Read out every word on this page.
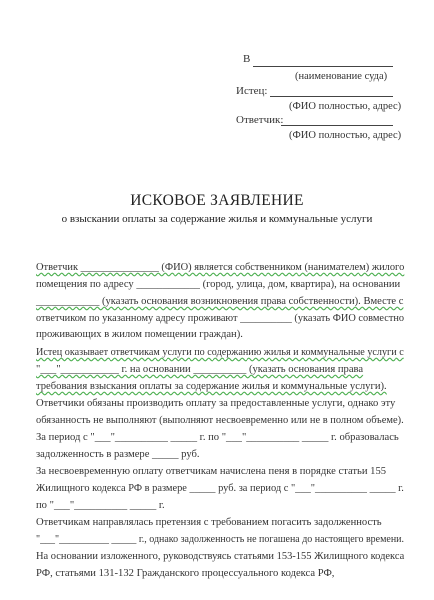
В
(наименование суда)
Истец:
(ФИО полностью, адрес)
Ответчик:
(ФИО полностью, адрес)
ИСКОВОЕ ЗАЯВЛЕНИЕ
о взыскании оплаты за содержание жилья и коммунальные услуги
Ответчик _______________ (ФИО) является собственником (нанимателем) жилого
помещения по адресу ____________ (город, улица, дом, квартира), на основании
____________ (указать основания возникновения права собственности). Вместе с
ответчиком по указанному адресу проживают __________ (указать ФИО совместно
проживающих в жилом помещении граждан).
Истец оказывает ответчикам услуги по содержанию жилья и коммунальные услуги с
"___"___________ г. на основании __________ (указать основания права
требования взыскания оплаты за содержание жилья и коммунальные услуги).
Ответчики обязаны производить оплату за предоставленные услуги, однако эту
обязанность не выполняют (выполняют несвоевременно или не в полном объеме).
За период с "___"__________ _____ г. по "___"__________ _____ г. образовалась
задолженность в размере _____ руб.
За несвоевременную оплату ответчикам начислена пеня в порядке статьи 155
Жилищного кодекса РФ в размере _____ руб. за период с "___"__________ _____ г.
по "___"__________ _____ г.
Ответчикам направлялась претензия с требованием погасить задолженность
"___"__________ _____ г., однако задолженность не погашена до настоящего времени.
На основании изложенного, руководствуясь статьями 153-155 Жилищного кодекса
РФ, статьями 131-132 Гражданского процессуального кодекса РФ,
